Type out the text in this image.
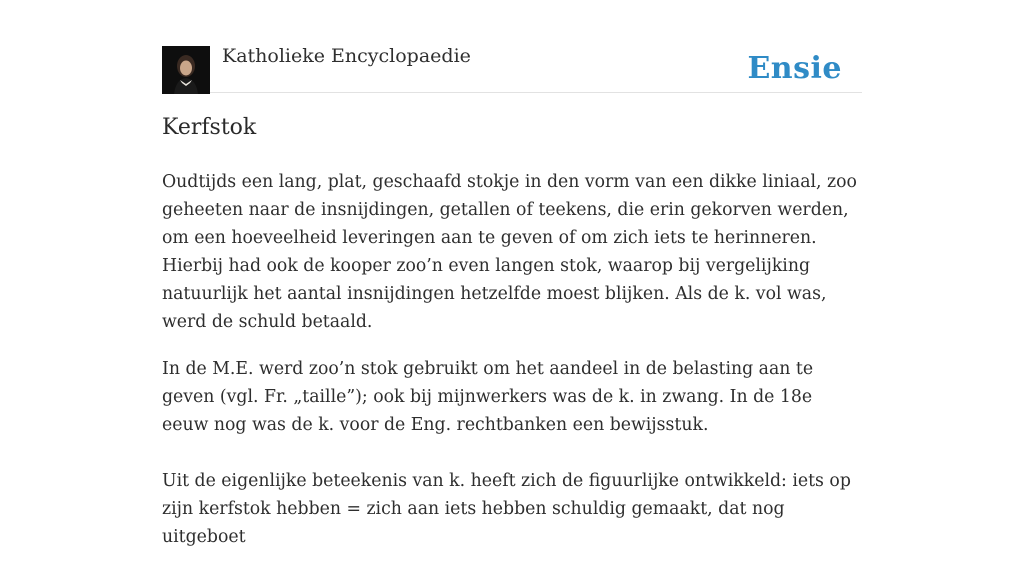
Katholieke Encyclopaedie	Ensie
Kerfstok

Oudtijds een lang, plat, geschaafd stokje in den vorm van een dikke liniaal, zoo geheeten naar de insnijdingen, getallen of teekens, die erin gekorven werden, om een hoeveelheid leveringen aan te geven of om zich iets te herinneren. Hierbij had ook de kooper zoo’n even langen stok, waarop bij vergelijking natuurlijk het aantal insnijdingen hetzelfde moest blijken. Als de k. vol was, werd de schuld betaald.

In de M.E. werd zoo’n stok gebruikt om het aandeel in de belasting aan te geven (vgl. Fr. „taille”); ook bij mijnwerkers was de k. in zwang. In de 18e eeuw nog was de k. voor de Eng. rechtbanken een bewijsstuk.

Uit de eigenlijke beteekenis van k. heeft zich de figuurlijke ontwikkeld: iets op zijn kerfstok hebben = zich aan iets hebben schuldig gemaakt, dat nog uitgeboet
